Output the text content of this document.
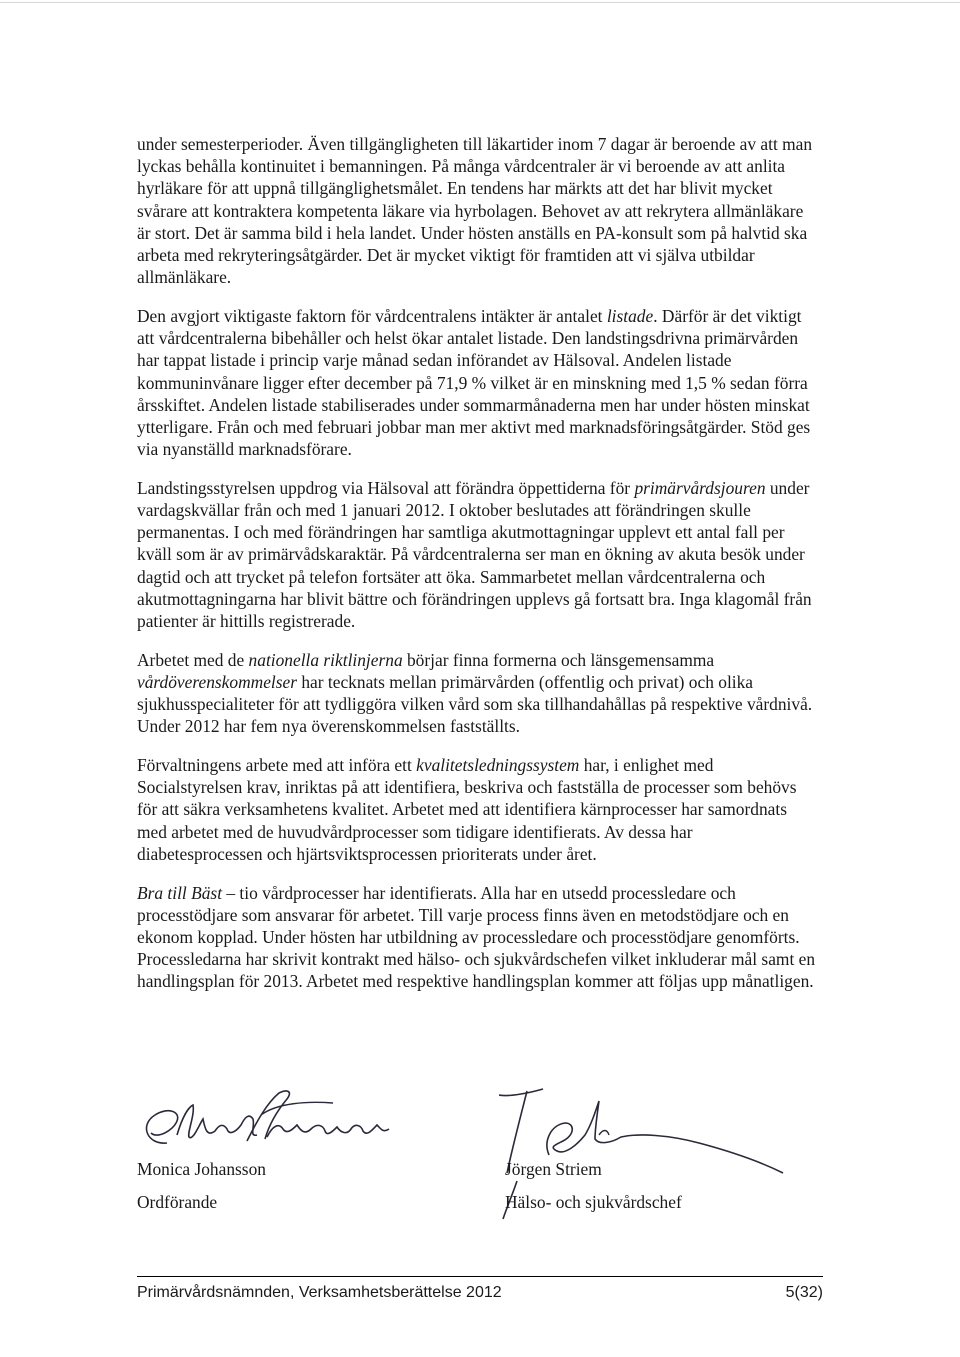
under semesterperioder. Även tillgängligheten till läkartider inom 7 dagar är beroende av att man lyckas behålla kontinuitet i bemanningen. På många vårdcentraler är vi beroende av att anlita hyrläkare för att uppnå tillgänglighetsmålet. En tendens har märkts att det har blivit mycket svårare att kontraktera kompetenta läkare via hyrbolagen. Behovet av att rekrytera allmänläkare är stort. Det är samma bild i hela landet. Under hösten anställs en PA-konsult som på halvtid ska arbeta med rekryteringsåtgärder. Det är mycket viktigt för framtiden att vi själva utbildar allmänläkare.

Den avgjort viktigaste faktorn för vårdcentralens intäkter är antalet listade. Därför är det viktigt att vårdcentralerna bibehåller och helst ökar antalet listade. Den landstingsdrivna primärvården har tappat listade i princip varje månad sedan införandet av Hälsoval. Andelen listade kommuninvånare ligger efter december på 71,9 % vilket är en minskning med 1,5 % sedan förra årsskiftet. Andelen listade stabiliserades under sommarmånaderna men har under hösten minskat ytterligare. Från och med februari jobbar man mer aktivt med marknadsföringsåtgärder. Stöd ges via nyanställd marknadsförare.

Landstingsstyrelsen uppdrog via Hälsoval att förändra öppettiderna för primärvårdsjouren under vardagskvällar från och med 1 januari 2012. I oktober beslutades att förändringen skulle permanentas. I och med förändringen har samtliga akutmottagningar upplevt ett antal fall per kväll som är av primärvådskaraktär. På vårdcentralerna ser man en ökning av akuta besök under dagtid och att trycket på telefon fortsäter att öka. Sammarbetet mellan vårdcentralerna och akutmottagningarna har blivit bättre och förändringen upplevs gå fortsatt bra. Inga klagomål från patienter är hittills registrerade.

Arbetet med de nationella riktlinjerna börjar finna formerna och länsgemensamma vårdöverenskommelser har tecknats mellan primärvården (offentlig och privat) och olika sjukhusspecialiteter för att tydliggöra vilken vård som ska tillhandahållas på respektive vårdnivå. Under 2012 har fem nya överenskommelsen fastställts.

Förvaltningens arbete med att införa ett kvalitetsledningssystem har, i enlighet med Socialstyrelsen krav, inriktas på att identifiera, beskriva och fastställa de processer som behövs för att säkra verksamhetens kvalitet. Arbetet med att identifiera kärnprocesser har samordnats med arbetet med de huvudvårdprocesser som tidigare identifierats. Av dessa har diabetesprocessen och hjärtsviktsprocessen prioriterats under året.

Bra till Bäst – tio vårdprocesser har identifierats. Alla har en utsedd processledare och processtödjare som ansvarar för arbetet. Till varje process finns även en metodstödjare och en ekonom kopplad. Under hösten har utbildning av processledare och processtödjare genomförts. Processledarna har skrivit kontrakt med hälso- och sjukvårdschefen vilket inkluderar mål samt en handlingsplan för 2013. Arbetet med respektive handlingsplan kommer att följas upp månatligen.

Monica Johansson
Ordförande
Jörgen Striem
Hälso- och sjukvårdschef
Primärvårdsnämnden, Verksamhetsberättelse 2012	5(32)
